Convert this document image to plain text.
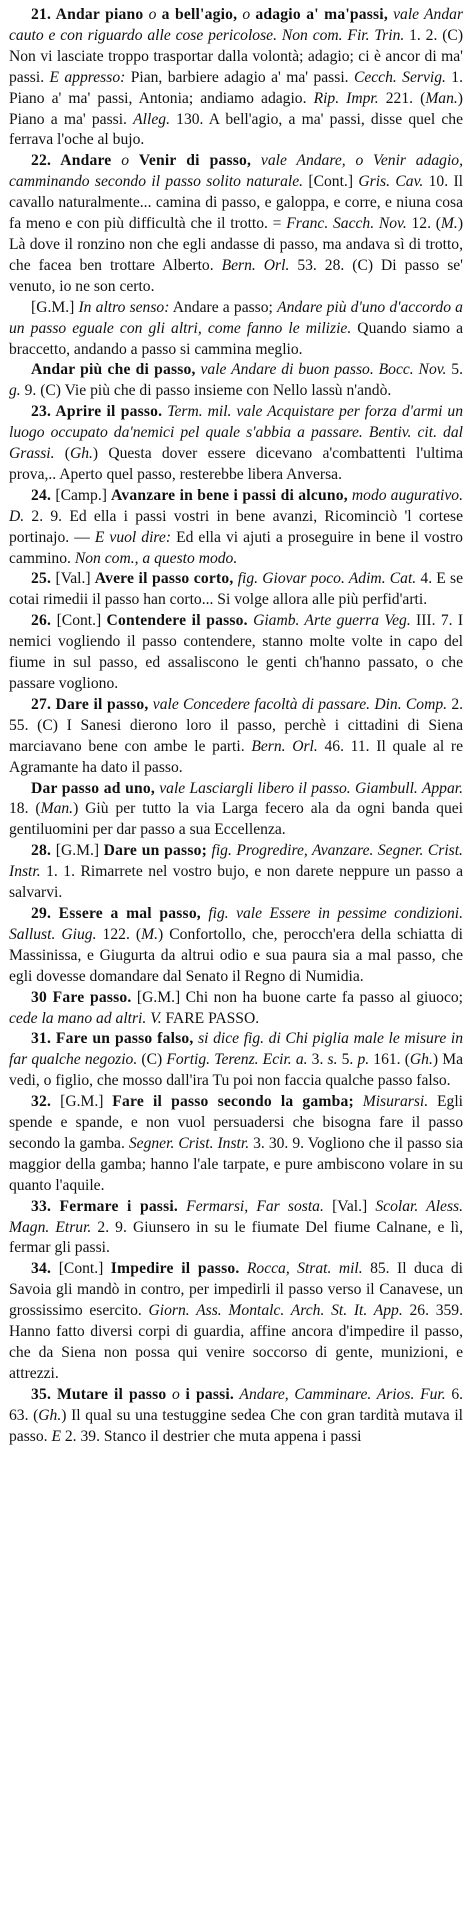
21. Andar piano o a bell'agio, o adagio a' ma'passi, vale Andar cauto e con riguardo alle cose pericolose. Non com. Fir. Trin. 1. 2. (C) Non vi lasciate troppo trasportar dalla volontà; adagio; ci è ancor di ma' passi. E appresso: Pian, barbiere adagio a' ma' passi. Cecch. Servig. 1. Piano a' ma' passi, Antonia; andiamo adagio. Rip. Impr. 221. (Man.) Piano a ma' passi. Alleg. 130. A bell'agio, a ma' passi, disse quel che ferrava l'oche al bujo.

22. Andare o Venir di passo, vale Andare, o Venir adagio, camminando secondo il passo solito naturale. [Cont.] Gris. Cav. 10. Il cavallo naturalmente... camina di passo, e galoppa, e corre, e niuna cosa fa meno e con più difficultà che il trotto. = Franc. Sacch. Nov. 12. (M.) Là dove il ronzino non che egli andasse di passo, ma andava sì di trotto, che facea ben trottare Alberto. Bern. Orl. 53. 28. (C) Di passo se' venuto, io ne son certo.

[G.M.] In altro senso: Andare a passo; Andare più d'uno d'accordo a un passo eguale con gli altri, come fanno le milizie. Quando siamo a braccetto, andando a passo si cammina meglio.

Andar più che di passo, vale Andare di buon passo. Bocc. Nov. 5. g. 9. (C) Vie più che di passo insieme con Nello lassù n'andò.

23. Aprire il passo. Term. mil. vale Acquistare per forza d'armi un luogo occupato da'nemici pel quale s'abbia a passare. Bentiv. cit. dal Grassi. (Gh.) Questa dover essere dicevano a'combattenti l'ultima prova,.. Aperto quel passo, resterebbe libera Anversa.

24. [Camp.] Avanzare in bene i passi di alcuno, modo augurativo. D. 2. 9. Ed ella i passi vostri in bene avanzi, Ricominciò 'l cortese portinajo. — E vuol dire: Ed ella vi ajuti a proseguire in bene il vostro cammino. Non com., a questo modo.

25. [Val.] Avere il passo corto, fig. Giovar poco. Adim. Cat. 4. E se cotai rimedii il passo han corto... Si volge allora alle più perfid'arti.

26. [Cont.] Contendere il passo. Giamb. Arte guerra Veg. III. 7. I nemici vogliendo il passo contendere, stanno molte volte in capo del fiume in sul passo, ed assaliscono le genti ch'hanno passato, o che passare vogliono.

27. Dare il passo, vale Concedere facoltà di passare. Din. Comp. 2. 55. (C) I Sanesi dierono loro il passo, perchè i cittadini di Siena marciavano bene con ambe le parti. Bern. Orl. 46. 11. Il quale al re Agramante ha dato il passo.

Dar passo ad uno, vale Lasciargli libero il passo. Giambull. Appar. 18. (Man.) Giù per tutto la via Larga fecero ala da ogni banda quei gentiluomini per dar passo a sua Eccellenza.

28. [G.M.] Dare un passo; fig. Progredire, Avanzare. Segner. Crist. Instr. 1. 1. Rimarrete nel vostro bujo, e non darete neppure un passo a salvarvi.

29. Essere a mal passo, fig. vale Essere in pessime condizioni. Sallust. Giug. 122. (M.) Confortollo, che, perocch'era della schiatta di Massinissa, e Giugurta da altrui odio e sua paura sia a mal passo, che egli dovesse domandare dal Senato il Regno di Numidia.

30 Fare passo. [G.M.] Chi non ha buone carte fa passo al giuoco; cede la mano ad altri. V. FARE PASSO.

31. Fare un passo falso, si dice fig. di Chi piglia male le misure in far qualche negozio. (C) Fortig. Terenz. Ecir. a. 3. s. 5. p. 161. (Gh.) Ma vedi, o figlio, che mosso dall'ira Tu poi non faccia qualche passo falso.

32. [G.M.] Fare il passo secondo la gamba; Misurarsi. Egli spende e spande, e non vuol persuadersi che bisogna fare il passo secondo la gamba. Segner. Crist. Instr. 3. 30. 9. Vogliono che il passo sia maggior della gamba; hanno l'ale tarpate, e pure ambiscono volare in su quanto l'aquile.

33. Fermare i passi. Fermarsi, Far sosta. [Val.] Scolar. Aless. Magn. Etrur. 2. 9. Giunsero in su le fiumate Del fiume Calnane, e lì, fermar gli passi.

34. [Cont.] Impedire il passo. Rocca, Strat. mil. 85. Il duca di Savoia gli mandò in contro, per impedirli il passo verso il Canavese, un grossissimo esercito. Giorn. Ass. Montalc. Arch. St. It. App. 26. 359. Hanno fatto diversi corpi di guardia, affine ancora d'impedire il passo, che da Siena non possa qui venire soccorso di gente, munizioni, e attrezzi.

35. Mutare il passo o i passi. Andare, Camminare. Arios. Fur. 6. 63. (Gh.) Il qual su una testuggine sedea Che con gran tardità mutava il passo. E 2. 39. Stanco il destrier che muta appena i passi
